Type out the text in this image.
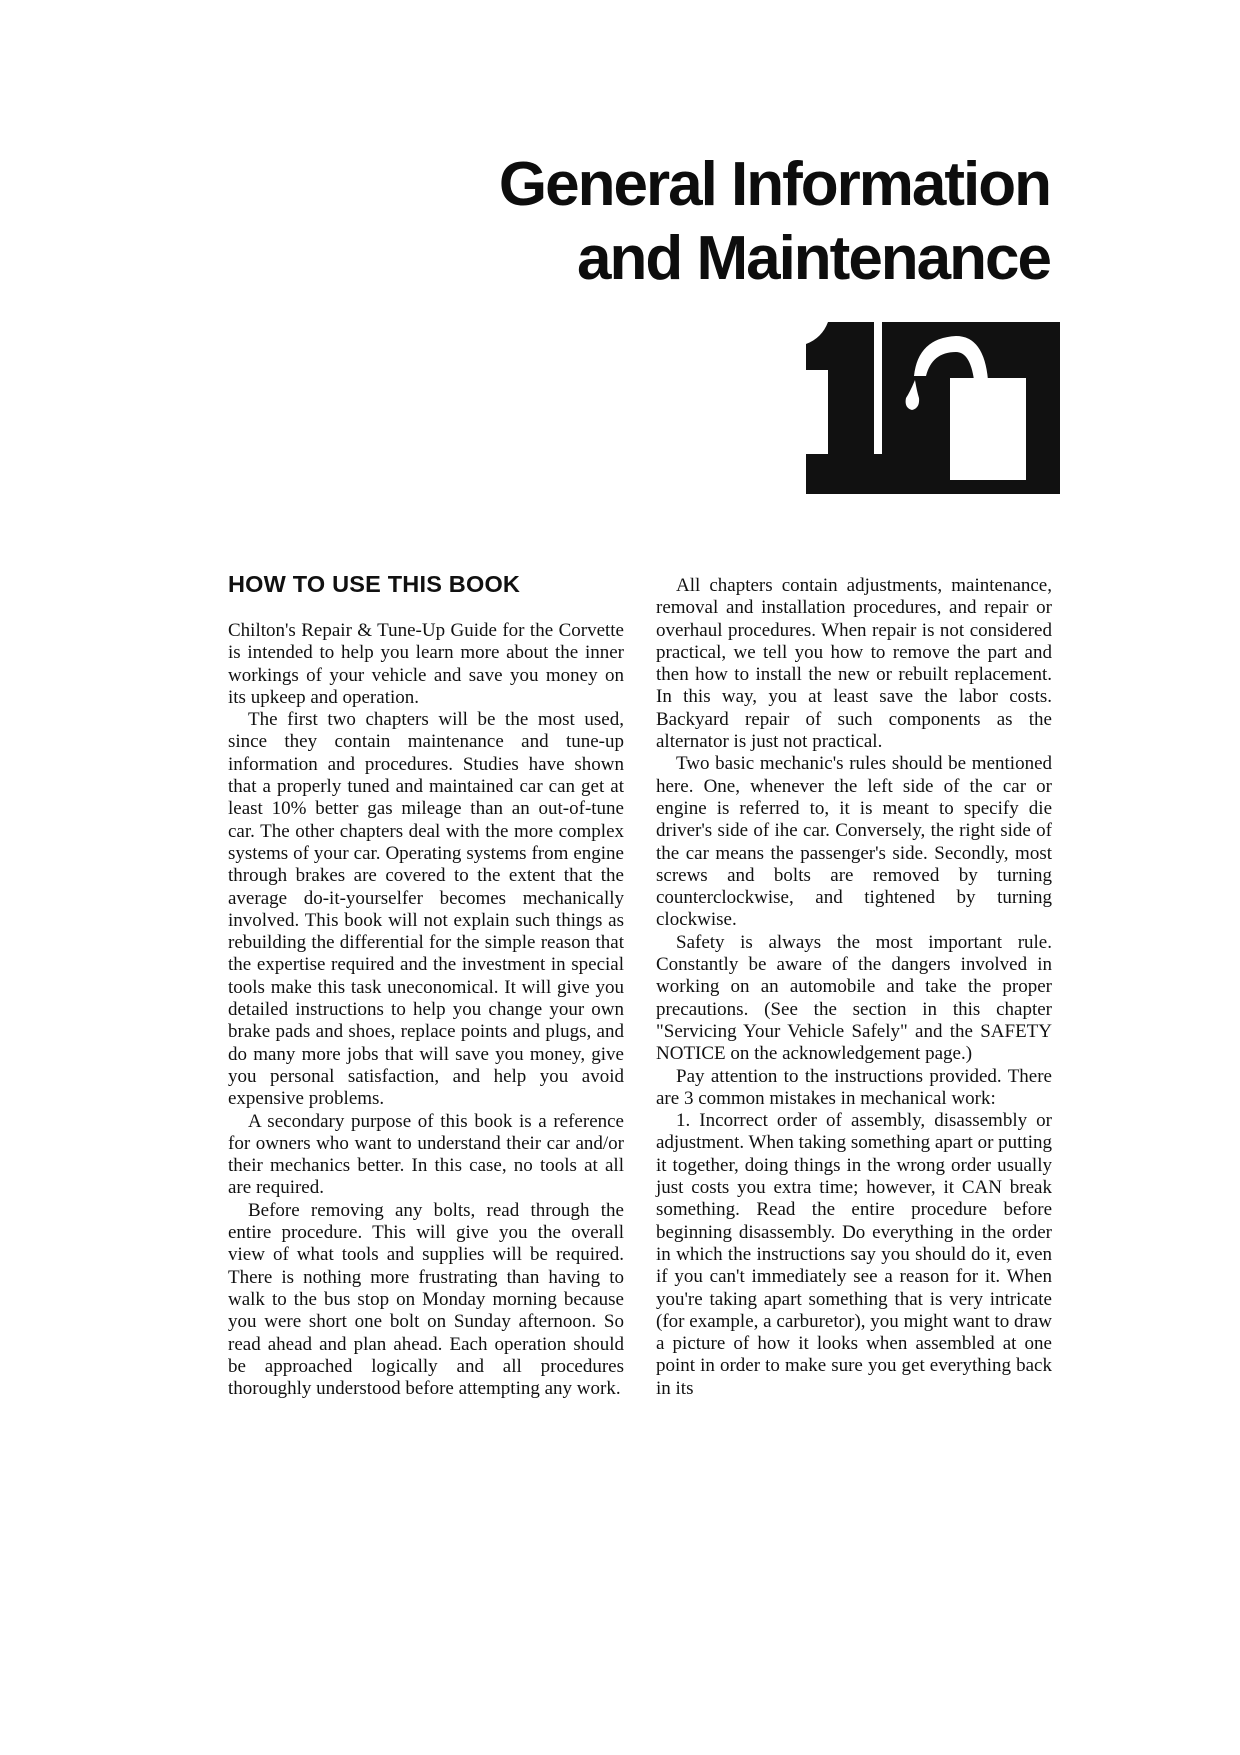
General Information
and Maintenance
HOW TO USE THIS BOOK

Chilton's Repair & Tune-Up Guide for the Corvette is intended to help you learn more about the inner workings of your vehicle and save you money on its upkeep and operation.

The first two chapters will be the most used, since they contain maintenance and tune-up information and procedures. Studies have shown that a properly tuned and maintained car can get at least 10% better gas mileage than an out-of-tune car. The other chapters deal with the more complex systems of your car. Operating systems from engine through brakes are covered to the extent that the average do-it-yourselfer becomes mechanically involved. This book will not explain such things as rebuilding the differential for the simple reason that the expertise required and the investment in special tools make this task uneconomical. It will give you detailed instructions to help you change your own brake pads and shoes, replace points and plugs, and do many more jobs that will save you money, give you personal satisfaction, and help you avoid expensive problems.

A secondary purpose of this book is a reference for owners who want to understand their car and/or their mechanics better. In this case, no tools at all are required.

Before removing any bolts, read through the entire procedure. This will give you the overall view of what tools and supplies will be required. There is nothing more frustrating than having to walk to the bus stop on Monday morning because you were short one bolt on Sunday afternoon. So read ahead and plan ahead. Each operation should be approached logically and all procedures thoroughly understood before attempting any work.

All chapters contain adjustments, maintenance, removal and installation procedures, and repair or overhaul procedures. When repair is not considered practical, we tell you how to remove the part and then how to install the new or rebuilt replacement. In this way, you at least save the labor costs. Backyard repair of such components as the alternator is just not practical.

Two basic mechanic's rules should be mentioned here. One, whenever the left side of the car or engine is referred to, it is meant to specify die driver's side of ihe car. Conversely, the right side of the car means the passenger's side. Secondly, most screws and bolts are removed by turning counterclockwise, and tightened by turning clockwise.

Safety is always the most important rule. Constantly be aware of the dangers involved in working on an automobile and take the proper precautions. (See the section in this chapter "Servicing Your Vehicle Safely" and the SAFETY NOTICE on the acknowledgement page.)

Pay attention to the instructions provided. There are 3 common mistakes in mechanical work:

1. Incorrect order of assembly, disassembly or adjustment. When taking something apart or putting it together, doing things in the wrong order usually just costs you extra time; however, it CAN break something. Read the entire procedure before beginning disassembly. Do everything in the order in which the instructions say you should do it, even if you can't immediately see a reason for it. When you're taking apart something that is very intricate (for example, a carburetor), you might want to draw a picture of how it looks when assembled at one point in order to make sure you get everything back in its
